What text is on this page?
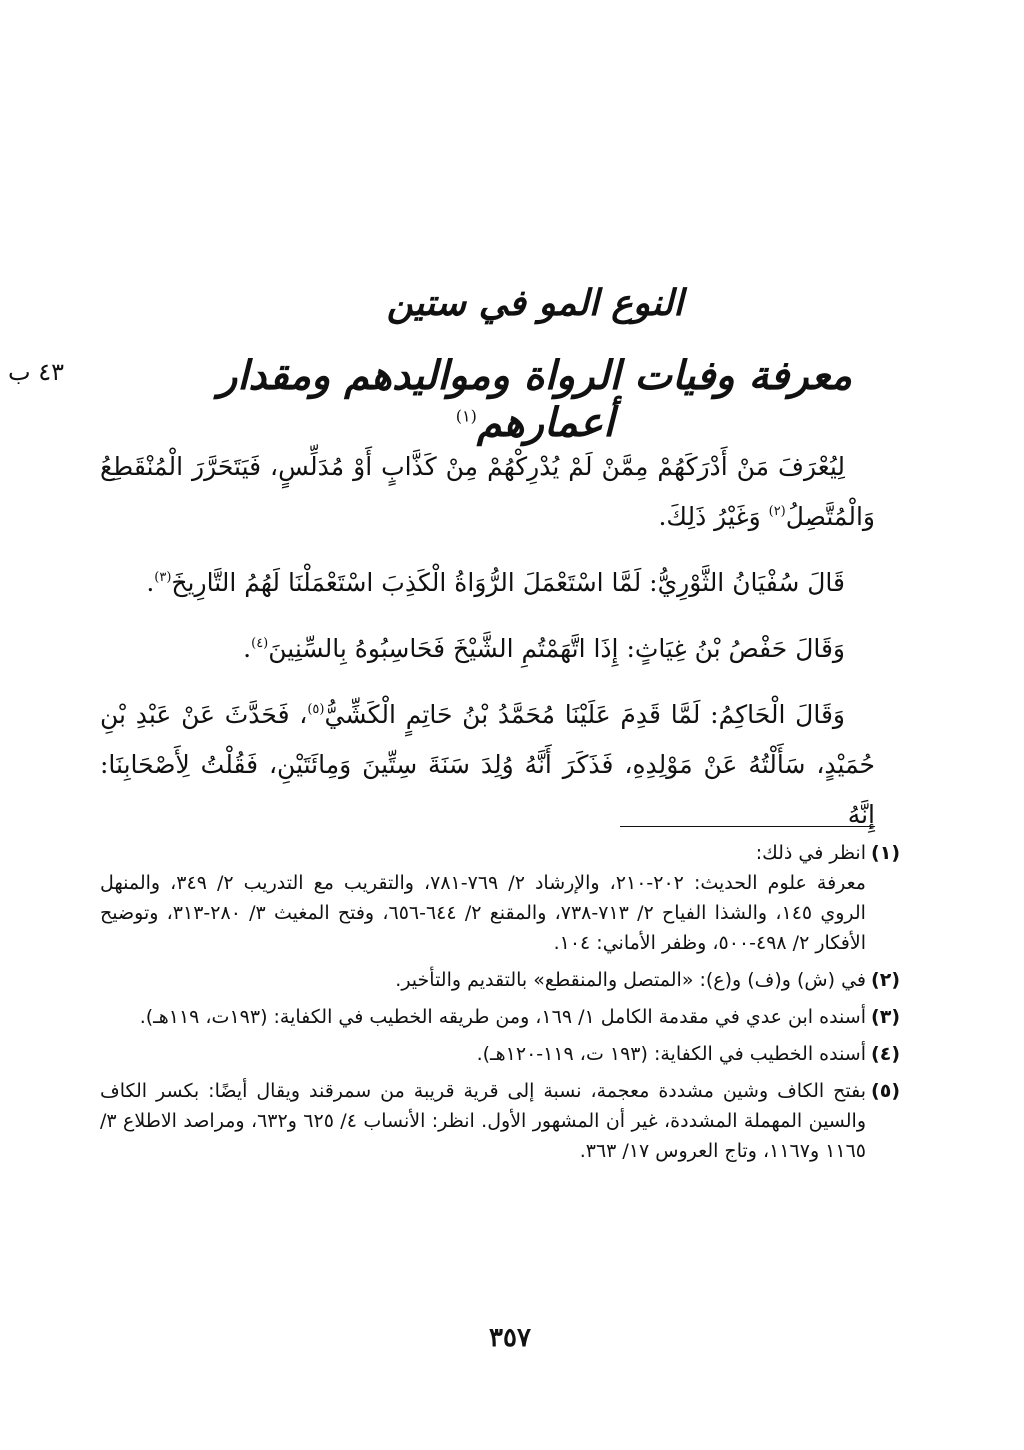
٤٣ ب
النوع المو في ستين
معرفة وفيات الرواة ومواليدهم ومقدار أعمارهم$^{(١)}$

لِيُعْرَفَ مَنْ أَدْرَكَهُمْ مِمَّنْ لَمْ يُدْرِكْهُمْ مِنْ كَذَّابٍ أَوْ مُدَلِّسٍ، فَيَتَحَرَّرَ الْمُنْقَطِعُ وَالْمُتَّصِلُ$^{(٢)}$ وَغَيْرُ ذَلِكَ.

قَالَ سُفْيَانُ الثَّوْرِيُّ: لَمَّا اسْتَعْمَلَ الرُّوَاةُ الْكَذِبَ اسْتَعْمَلْنَا لَهُمُ التَّارِيخَ$^{(٣)}$.

وَقَالَ حَفْصُ بْنُ غِيَاثٍ: إِذَا اتَّهَمْتُمِ الشَّيْخَ فَحَاسِبُوهُ بِالسِّنِينَ$^{(٤)}$.

وَقَالَ الْحَاكِمُ: لَمَّا قَدِمَ عَلَيْنَا مُحَمَّدُ بْنُ حَاتِمٍ الْكَشِّيُّ$^{(٥)}$، فَحَدَّثَ عَنْ عَبْدِ بْنِ حُمَيْدٍ، سَأَلْتُهُ عَنْ مَوْلِدِهِ، فَذَكَرَ أَنَّهُ وُلِدَ سَنَةَ سِتِّينَ وَمِائَتَيْنِ، فَقُلْتُ لِأَصْحَابِنَا: إِنَّهُ

(١)
انظر في ذلك:
معرفة علوم الحديث: ٢٠٢-٢١٠، والإرشاد ٢/ ٧٦٩-٧٨١، والتقريب مع التدريب ٢/ ٣٤٩، والمنهل الروي ١٤٥، والشذا الفياح ٢/ ٧١٣-٧٣٨، والمقنع ٢/ ٦٤٤-٦٥٦، وفتح المغيث ٣/ ٢٨٠-٣١٣، وتوضيح الأفكار ٢/ ٤٩٨-٥٠٠، وظفر الأماني: ١٠٤.
(٢)
في (ش) و(ف) و(ع): «المتصل والمنقطع» بالتقديم والتأخير.
(٣)
أسنده ابن عدي في مقدمة الكامل ١/ ١٦٩، ومن طريقه الخطيب في الكفاية: (١٩٣ت، ١١٩هـ).
(٤)
أسنده الخطيب في الكفاية: (١٩٣ ت، ١١٩-١٢٠هـ).
(٥)
بفتح الكاف وشين مشددة معجمة، نسبة إلى قرية قريبة من سمرقند ويقال أيضًا: بكسر الكاف والسين المهملة المشددة، غير أن المشهور الأول. انظر: الأنساب ٤/ ٦٢٥ و٦٣٢، ومراصد الاطلاع ٣/ ١١٦٥ و١١٦٧، وتاج العروس ١٧/ ٣٦٣.
٣٥٧
